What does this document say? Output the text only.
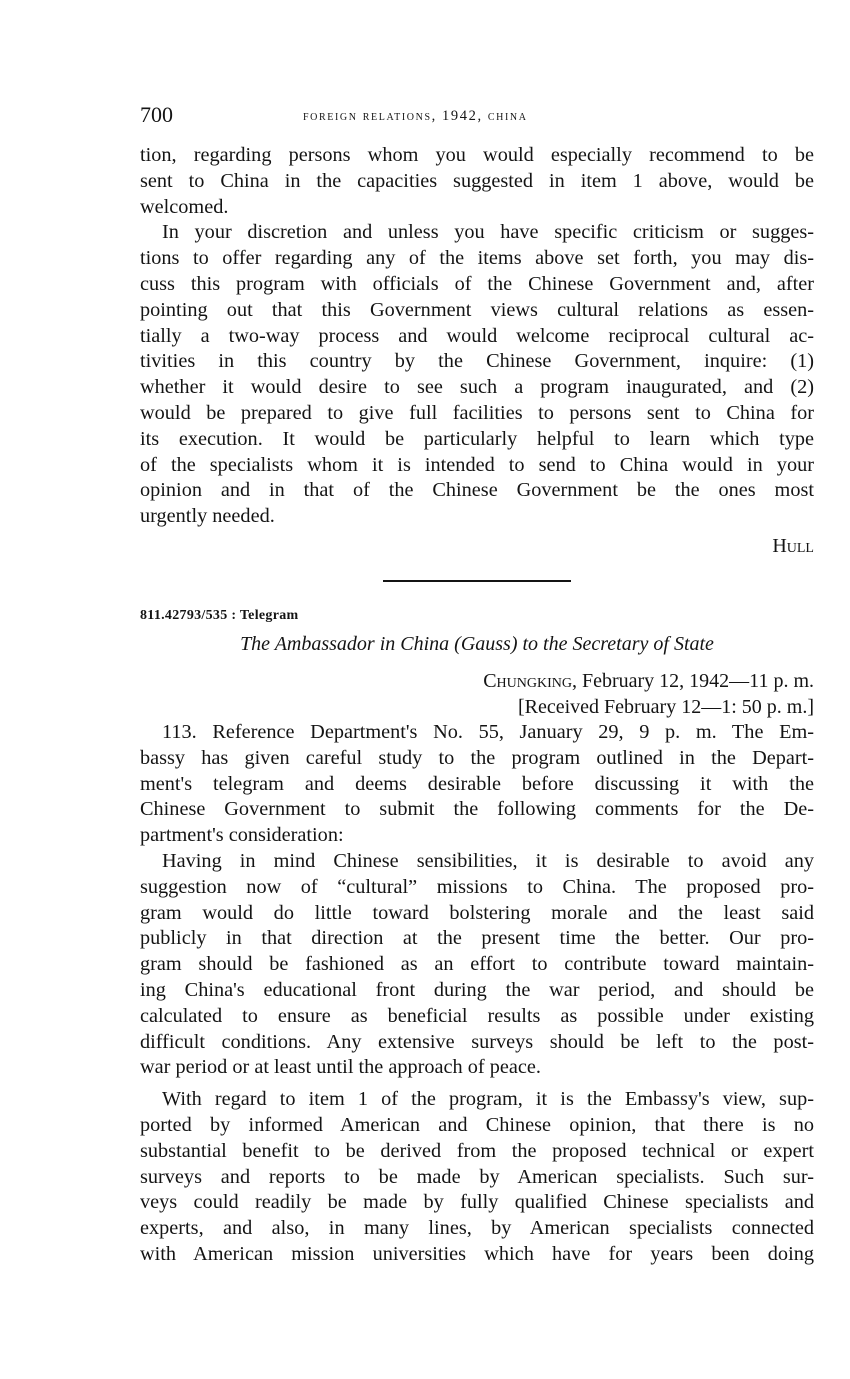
700	foreign relations, 1942, china

tion, regarding persons whom you would especially recommend to be
sent to China in the capacities suggested in item 1 above, would be
welcomed.

In your discretion and unless you have specific criticism or sugges-
tions to offer regarding any of the items above set forth, you may dis-
cuss this program with officials of the Chinese Government and, after
pointing out that this Government views cultural relations as essen-
tially a two-way process and would welcome reciprocal cultural ac-
tivities in this country by the Chinese Government, inquire: (1)
whether it would desire to see such a program inaugurated, and (2)
would be prepared to give full facilities to persons sent to China for
its execution. It would be particularly helpful to learn which type
of the specialists whom it is intended to send to China would in your
opinion and in that of the Chinese Government be the ones most
urgently needed.

Hull
811.42793/535 : Telegram
The Ambassador in China (Gauss) to the Secretary of State
Chungking, February 12, 1942—11 p. m.
[Received February 12—1: 50 p. m.]

113. Reference Department's No. 55, January 29, 9 p. m. The Em-
bassy has given careful study to the program outlined in the Depart-
ment's telegram and deems desirable before discussing it with the
Chinese Government to submit the following comments for the De-
partment's consideration:

Having in mind Chinese sensibilities, it is desirable to avoid any
suggestion now of “cultural” missions to China. The proposed pro-
gram would do little toward bolstering morale and the least said
publicly in that direction at the present time the better. Our pro-
gram should be fashioned as an effort to contribute toward maintain-
ing China's educational front during the war period, and should be
calculated to ensure as beneficial results as possible under existing
difficult conditions. Any extensive surveys should be left to the post-
war period or at least until the approach of peace.

With regard to item 1 of the program, it is the Embassy's view, sup-
ported by informed American and Chinese opinion, that there is no
substantial benefit to be derived from the proposed technical or expert
surveys and reports to be made by American specialists. Such sur-
veys could readily be made by fully qualified Chinese specialists and
experts, and also, in many lines, by American specialists connected
with American mission universities which have for years been doing
